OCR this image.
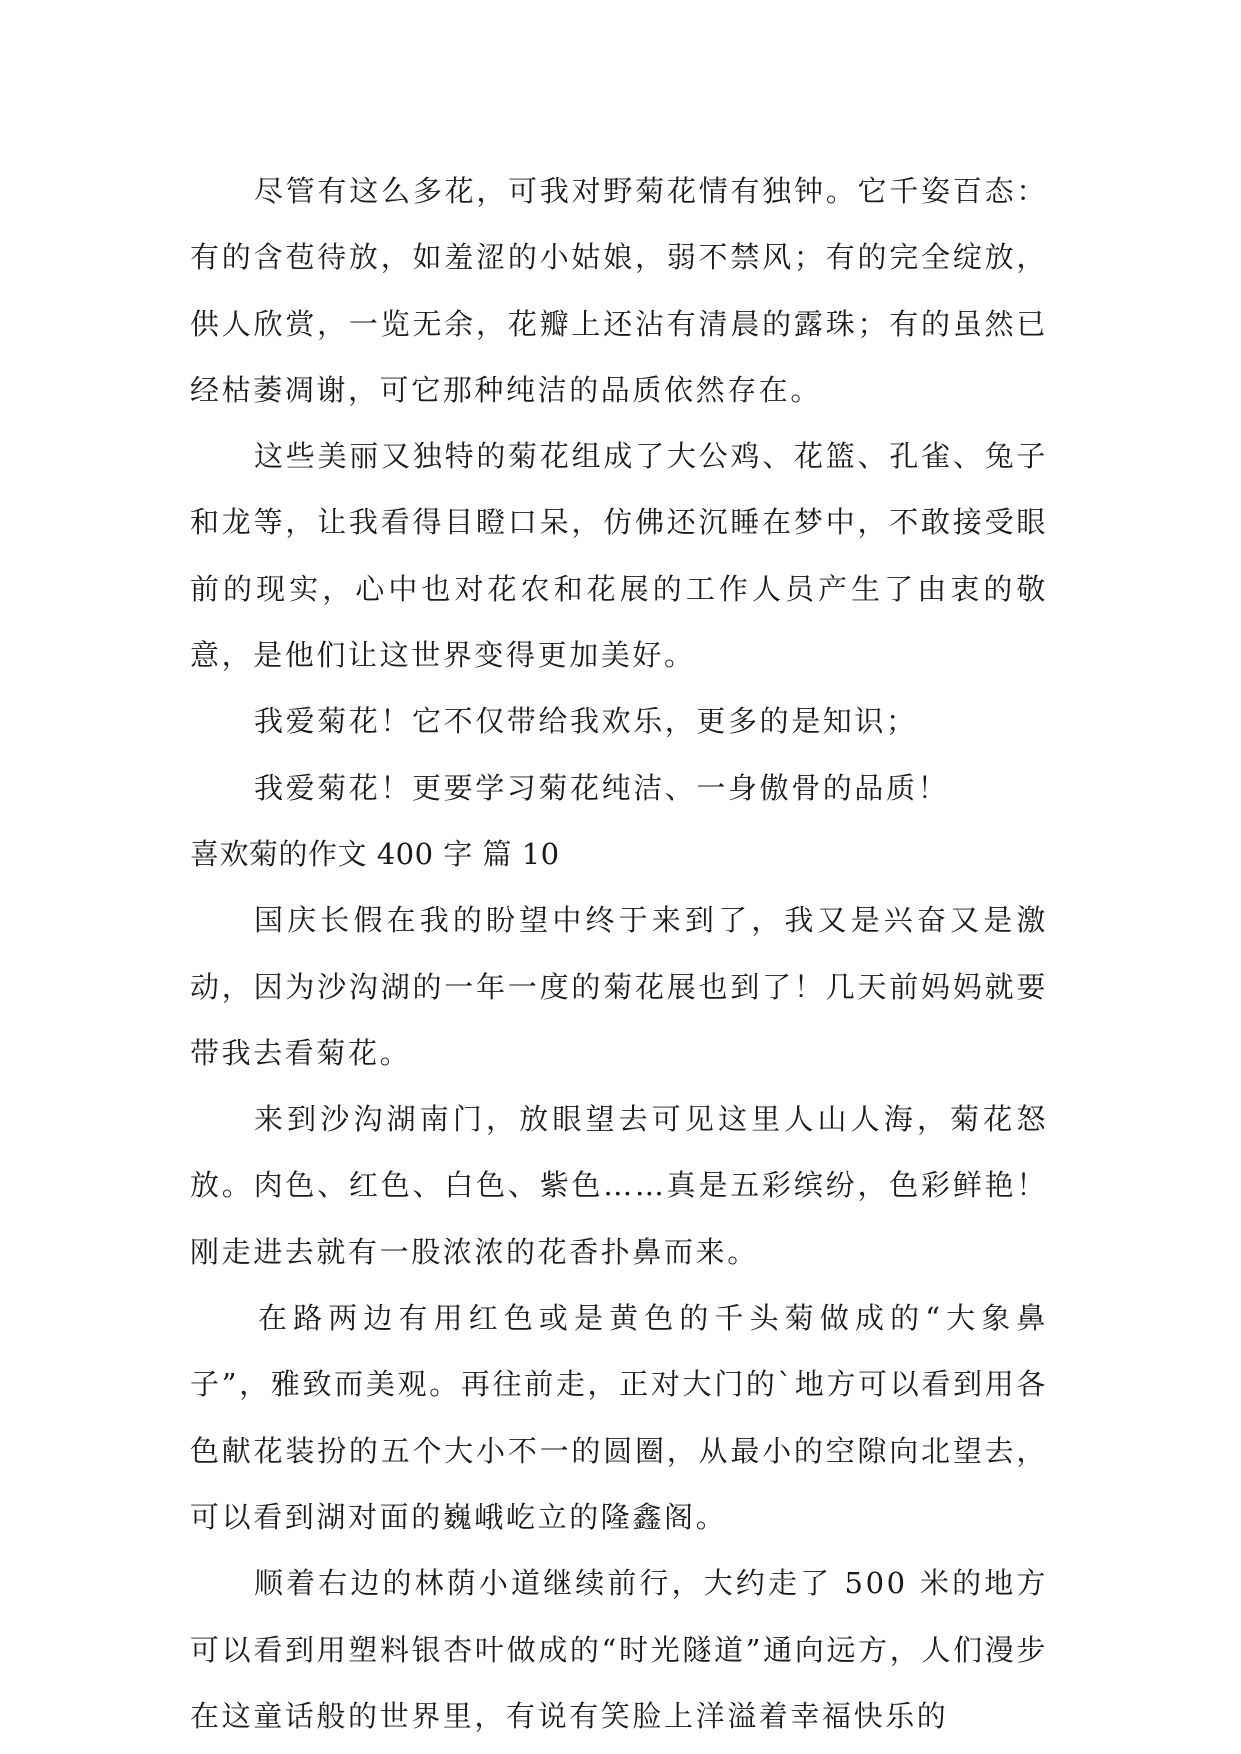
尽管有这么多花，可我对野菊花情有独钟。它千姿百态：有的含苞待放，如羞涩的小姑娘，弱不禁风；有的完全绽放，供人欣赏，一览无余，花瓣上还沾有清晨的露珠；有的虽然已经枯萎凋谢，可它那种纯洁的品质依然存在。

这些美丽又独特的菊花组成了大公鸡、花篮、孔雀、兔子和龙等，让我看得目瞪口呆，仿佛还沉睡在梦中，不敢接受眼前的现实，心中也对花农和花展的工作人员产生了由衷的敬意，是他们让这世界变得更加美好。

我爱菊花！它不仅带给我欢乐，更多的是知识；

我爱菊花！更要学习菊花纯洁、一身傲骨的品质！

喜欢菊的作文 400 字 篇 10

国庆长假在我的盼望中终于来到了，我又是兴奋又是激动，因为沙沟湖的一年一度的菊花展也到了！几天前妈妈就要带我去看菊花。

来到沙沟湖南门，放眼望去可见这里人山人海，菊花怒放。肉色、红色、白色、紫色……真是五彩缤纷，色彩鲜艳！刚走进去就有一股浓浓的花香扑鼻而来。

在路两边有用红色或是黄色的千头菊做成的“大象鼻子”，雅致而美观。再往前走，正对大门的`地方可以看到用各色献花装扮的五个大小不一的圆圈，从最小的空隙向北望去，可以看到湖对面的巍峨屹立的隆鑫阁。

顺着右边的林荫小道继续前行，大约走了 500 米的地方可以看到用塑料银杏叶做成的“时光隧道”通向远方，人们漫步在这童话般的世界里，有说有笑脸上洋溢着幸福快乐的
